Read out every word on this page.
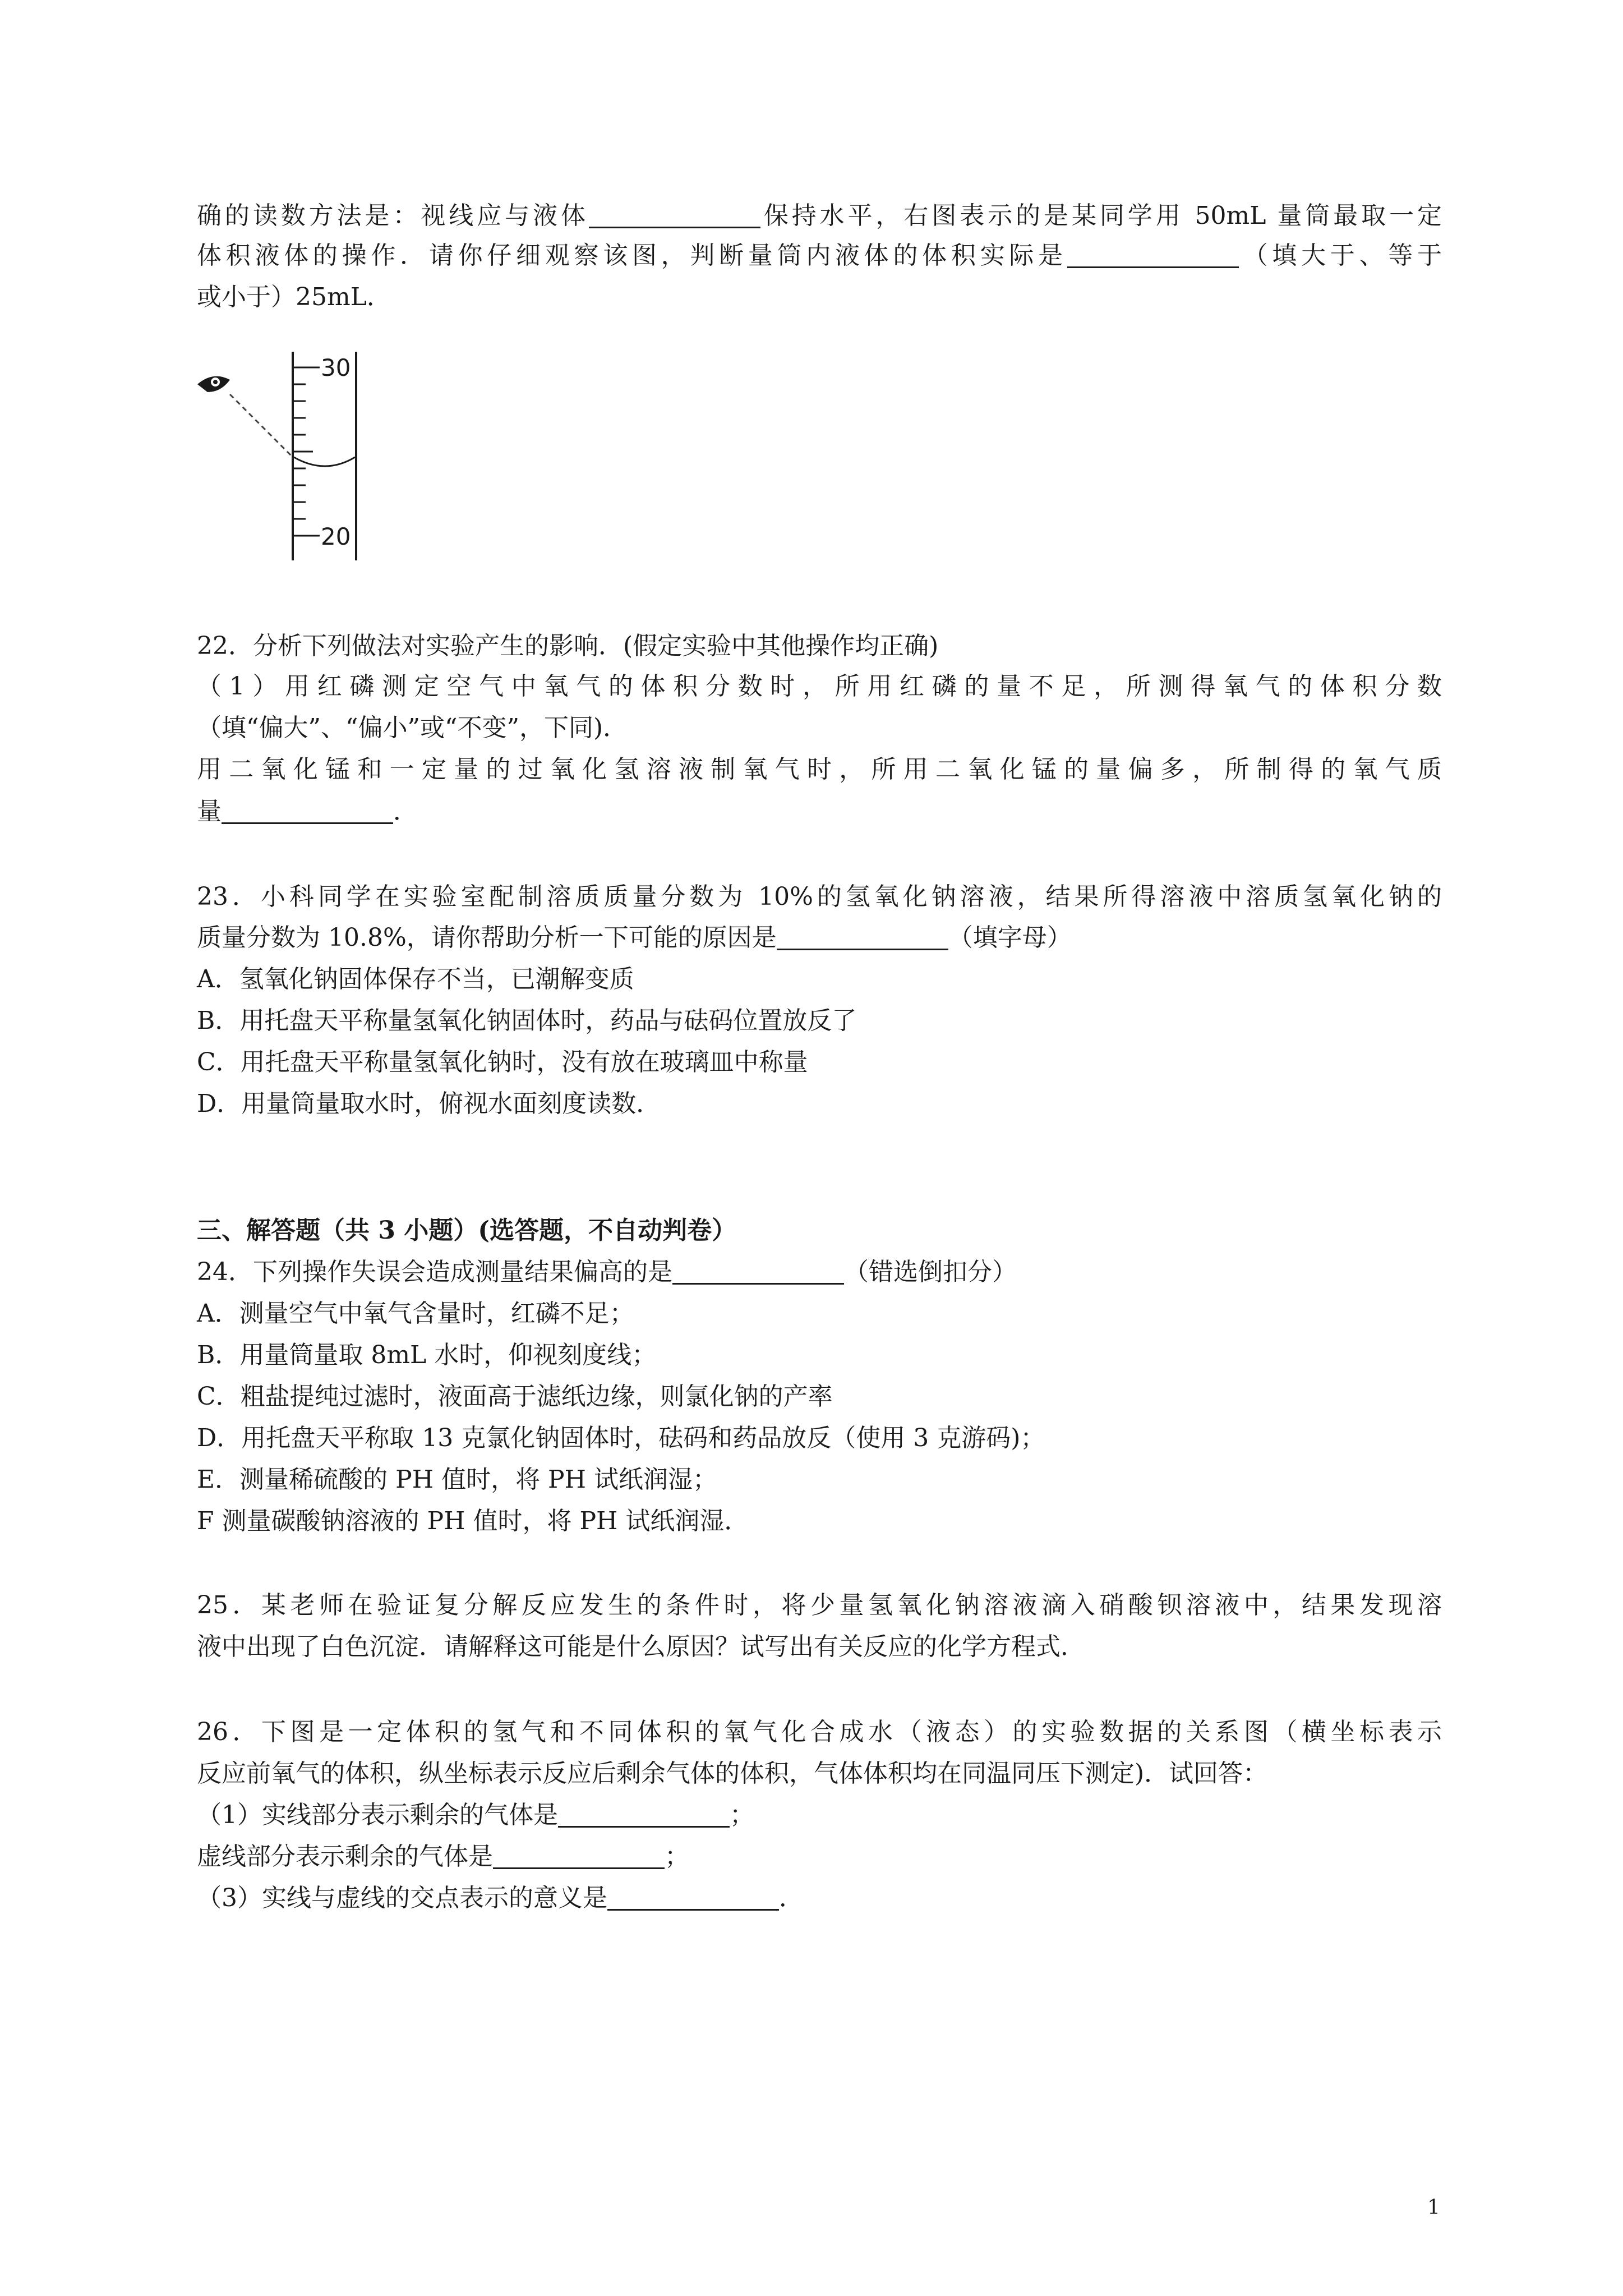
确的读数方法是：视线应与液体	保持水平，右图表示的是某同学用 50mL 量筒最取一定
体积液体的操作．请你仔细观察该图，判断量筒内液体的体积实际是	（填大于、等于
或小于）25mL．
30
20
22．分析下列做法对实验产生的影响．(假定实验中其他操作均正确)
（1）用红磷测定空气中氧气的体积分数时，所用红磷的量不足，所测得氧气的体积分数
（填“偏大”、“偏小”或“不变”，下同)．
用二氧化锰和一定量的过氧化氢溶液制氧气时，所用二氧化锰的量偏多，所制得的氧气质
量	．
23．小科同学在实验室配制溶质质量分数为 10%的氢氧化钠溶液，结果所得溶液中溶质氢氧化钠的
质量分数为 10.8%，请你帮助分析一下可能的原因是	（填字母）
A．氢氧化钠固体保存不当，已潮解变质
B．用托盘天平称量氢氧化钠固体时，药品与砝码位置放反了
C．用托盘天平称量氢氧化钠时，没有放在玻璃皿中称量
D．用量筒量取水时，俯视水面刻度读数．
三、解答题（共 3 小题）(选答题，不自动判卷）
24．下列操作失误会造成测量结果偏高的是	（错选倒扣分）
A．测量空气中氧气含量时，红磷不足；
B．用量筒量取 8mL 水时，仰视刻度线；
C．粗盐提纯过滤时，液面高于滤纸边缘，则氯化钠的产率
D．用托盘天平称取 13 克氯化钠固体时，砝码和药品放反（使用 3 克游码)；
E．测量稀硫酸的 PH 值时，将 PH 试纸润湿；
F 测量碳酸钠溶液的 PH 值时，将 PH 试纸润湿．
25．某老师在验证复分解反应发生的条件时，将少量氢氧化钠溶液滴入硝酸钡溶液中，结果发现溶
液中出现了白色沉淀．请解释这可能是什么原因？试写出有关反应的化学方程式．
26．下图是一定体积的氢气和不同体积的氧气化合成水（液态）的实验数据的关系图（横坐标表示
反应前氧气的体积，纵坐标表示反应后剩余气体的体积，气体体积均在同温同压下测定)．试回答：
（1）实线部分表示剩余的气体是	；
虚线部分表示剩余的气体是	；
（3）实线与虚线的交点表示的意义是	．
1
